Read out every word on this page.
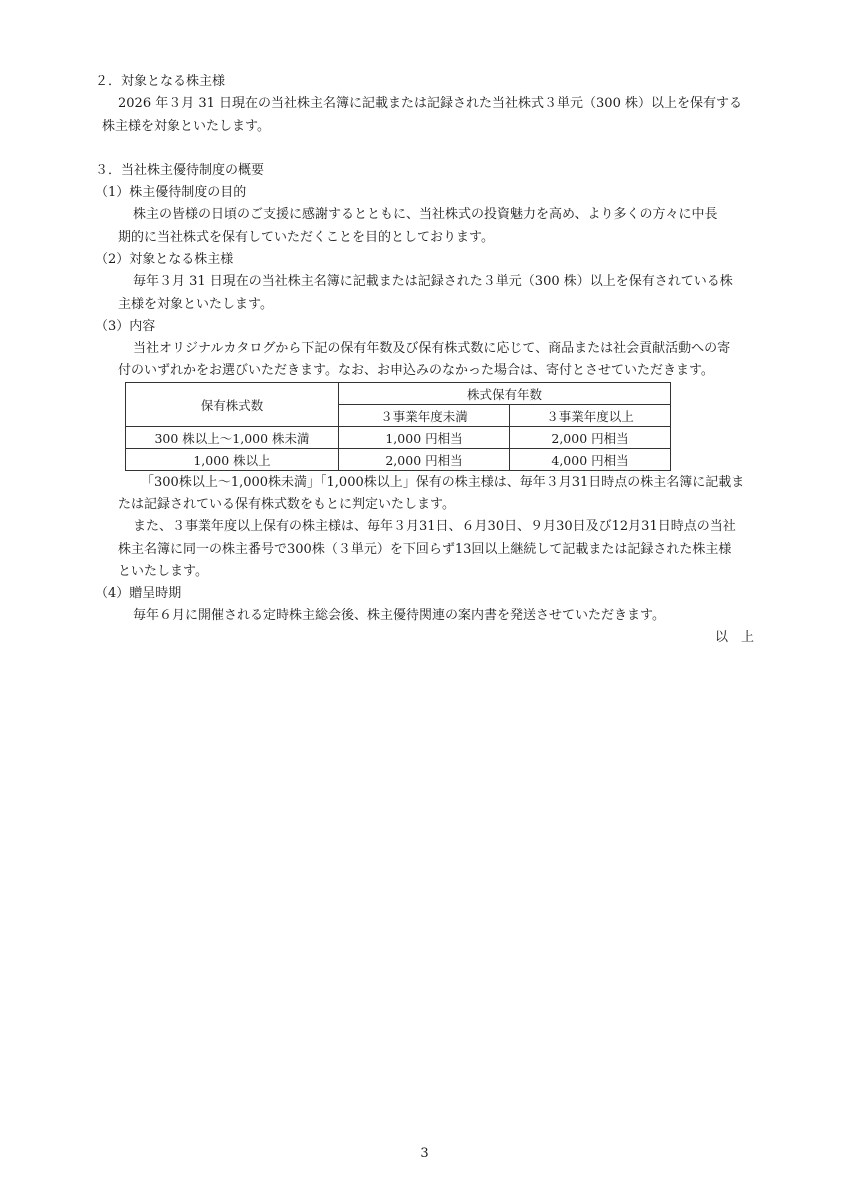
２．対象となる株主様
2026 年３月 31 日現在の当社株主名簿に記載または記録された当社株式３単元（300 株）以上を保有する
株主様を対象といたします。
３．当社株主優待制度の概要
（1）株主優待制度の目的
株主の皆様の日頃のご支援に感謝するとともに、当社株式の投資魅力を高め、より多くの方々に中長
期的に当社株式を保有していただくことを目的としております。
（2）対象となる株主様
毎年３月 31 日現在の当社株主名簿に記載または記録された３単元（300 株）以上を保有されている株
主様を対象といたします。
（3）内容
当社オリジナルカタログから下記の保有年数及び保有株式数に応じて、商品または社会貢献活動への寄
付のいずれかをお選びいただきます。なお、お申込みのなかった場合は、寄付とさせていただきます。
保有株式数	株式保有年数	
	３事業年度未満	３事業年度以上
300 株以上～1,000 株未満	1,000 円相当	2,000 円相当
1,000 株以上	2,000 円相当	4,000 円相当
「300株以上～1,000株未満」「1,000株以上」保有の株主様は、毎年３月31日時点の株主名簿に記載ま
たは記録されている保有株式数をもとに判定いたします。
また、３事業年度以上保有の株主様は、毎年３月31日、６月30日、９月30日及び12月31日時点の当社
株主名簿に同一の株主番号で300株（３単元）を下回らず13回以上継続して記載または記録された株主様
といたします。
（4）贈呈時期
毎年６月に開催される定時株主総会後、株主優待関連の案内書を発送させていただきます。
以　上
3
